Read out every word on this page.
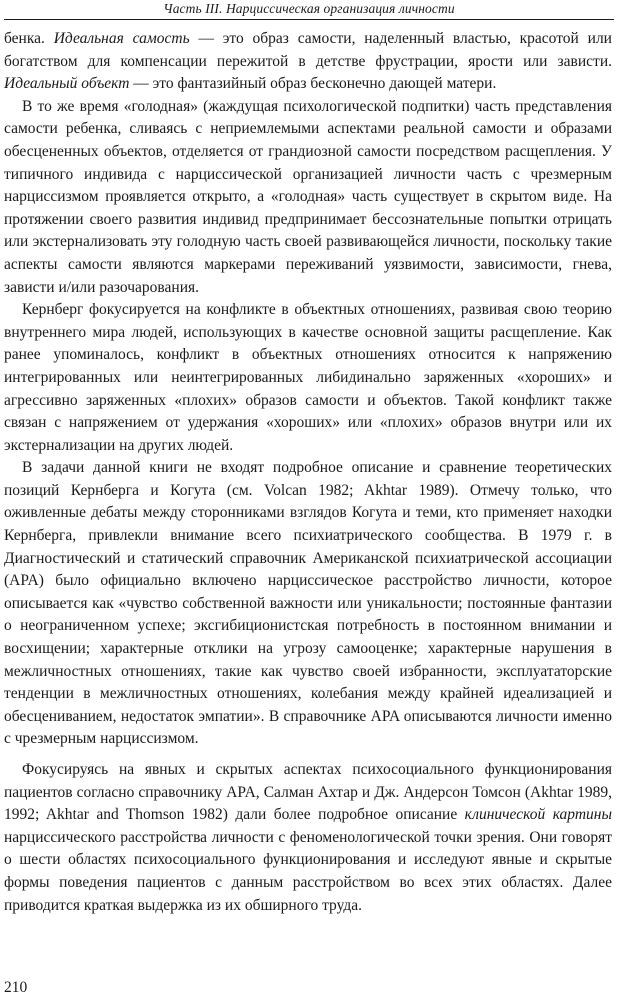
Часть III. Нарциссическая организация личности

бенка. Идеальная самость — это образ самости, наделенный властью, красотой или богатством для компенсации пережитой в детстве фрустрации, ярости или зависти. Идеальный объект — это фантазийный образ бесконечно дающей матери.

В то же время «голодная» (жаждущая психологической подпитки) часть представления самости ребенка, сливаясь с неприемлемыми аспектами реальной самости и образами обесцененных объектов, отделяется от грандиозной самости посредством расщепления. У типичного индивида с нарциссической организацией личности часть с чрезмерным нарциссизмом проявляется открыто, а «голодная» часть существует в скрытом виде. На протяжении своего развития индивид предпринимает бессознательные попытки отрицать или экстернализовать эту голодную часть своей развивающейся личности, поскольку такие аспекты самости являются маркерами переживаний уязвимости, зависимости, гнева, зависти и/или разочарования.

Кернберг фокусируется на конфликте в объектных отношениях, развивая свою теорию внутреннего мира людей, использующих в качестве основной защиты расщепление. Как ранее упоминалось, конфликт в объектных отношениях относится к напряжению интегрированных или неинтегрированных либидинально заряженных «хороших» и агрессивно заряженных «плохих» образов самости и объектов. Такой конфликт также связан с напряжением от удержания «хороших» или «плохих» образов внутри или их экстернализации на других людей.

В задачи данной книги не входят подробное описание и сравнение теоретических позиций Кернберга и Когута (см. Volcan 1982; Akhtar 1989). Отмечу только, что оживленные дебаты между сторонниками взглядов Когута и теми, кто применяет находки Кернберга, привлекли внимание всего психиатрического сообщества. В 1979 г. в Диагностический и статический справочник Американской психиатрической ассоциации (APA) было официально включено нарциссическое расстройство личности, которое описывается как «чувство собственной важности или уникальности; постоянные фантазии о неограниченном успехе; эксгибиционистская потребность в постоянном внимании и восхищении; характерные отклики на угрозу самооценке; характерные нарушения в межличностных отношениях, такие как чувство своей избранности, эксплуататорские тенденции в межличностных отношениях, колебания между крайней идеализацией и обесцениванием, недостаток эмпатии». В справочнике APA описываются личности именно с чрезмерным нарциссизмом.

Фокусируясь на явных и скрытых аспектах психосоциального функционирования пациентов согласно справочнику APA, Салман Ахтар и Дж. Андерсон Томсон (Akhtar 1989, 1992; Akhtar and Thomson 1982) дали более подробное описание клинической картины нарциссического расстройства личности с феноменологической точки зрения. Они говорят о шести областях психосоциального функционирования и исследуют явные и скрытые формы поведения пациентов с данным расстройством во всех этих областях. Далее приводится краткая выдержка из их обширного труда.

210
